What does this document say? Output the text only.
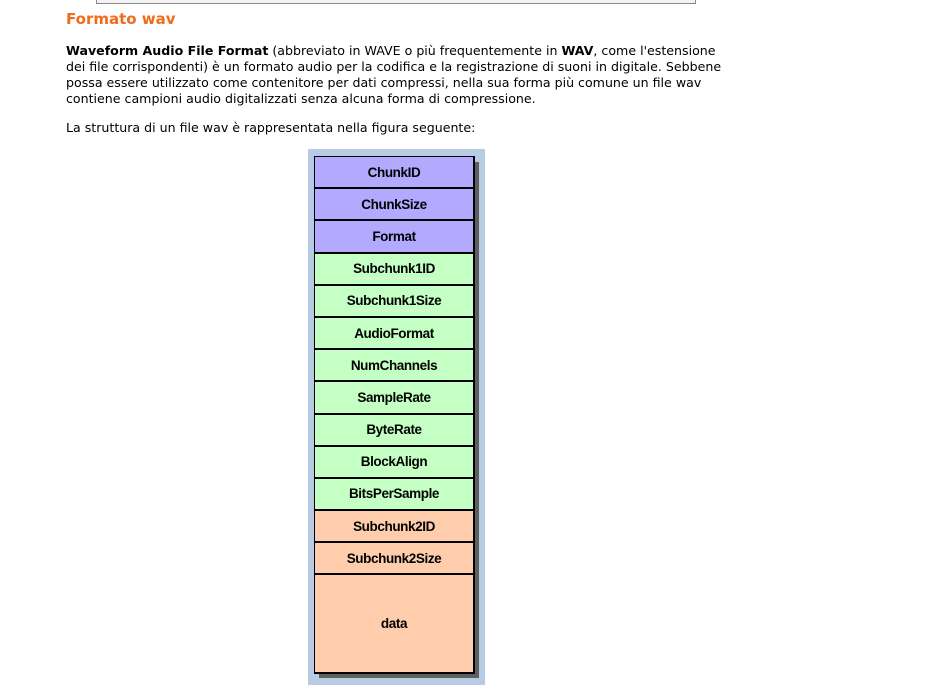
Formato wav

Waveform Audio File Format (abbreviato in WAVE o più frequentemente in WAV, come l'estensione dei file corrispondenti) è un formato audio per la codifica e la registrazione di suoni in digitale. Sebbene possa essere utilizzato come contenitore per dati compressi, nella sua forma più comune un file wav contiene campioni audio digitalizzati senza alcuna forma di compressione.

La struttura di un file wav è rappresentata nella figura seguente:

ChunkID
ChunkSize
Format
Subchunk1ID
Subchunk1Size
AudioFormat
NumChannels
SampleRate
ByteRate
BlockAlign
BitsPerSample
Subchunk2ID
Subchunk2Size
data
